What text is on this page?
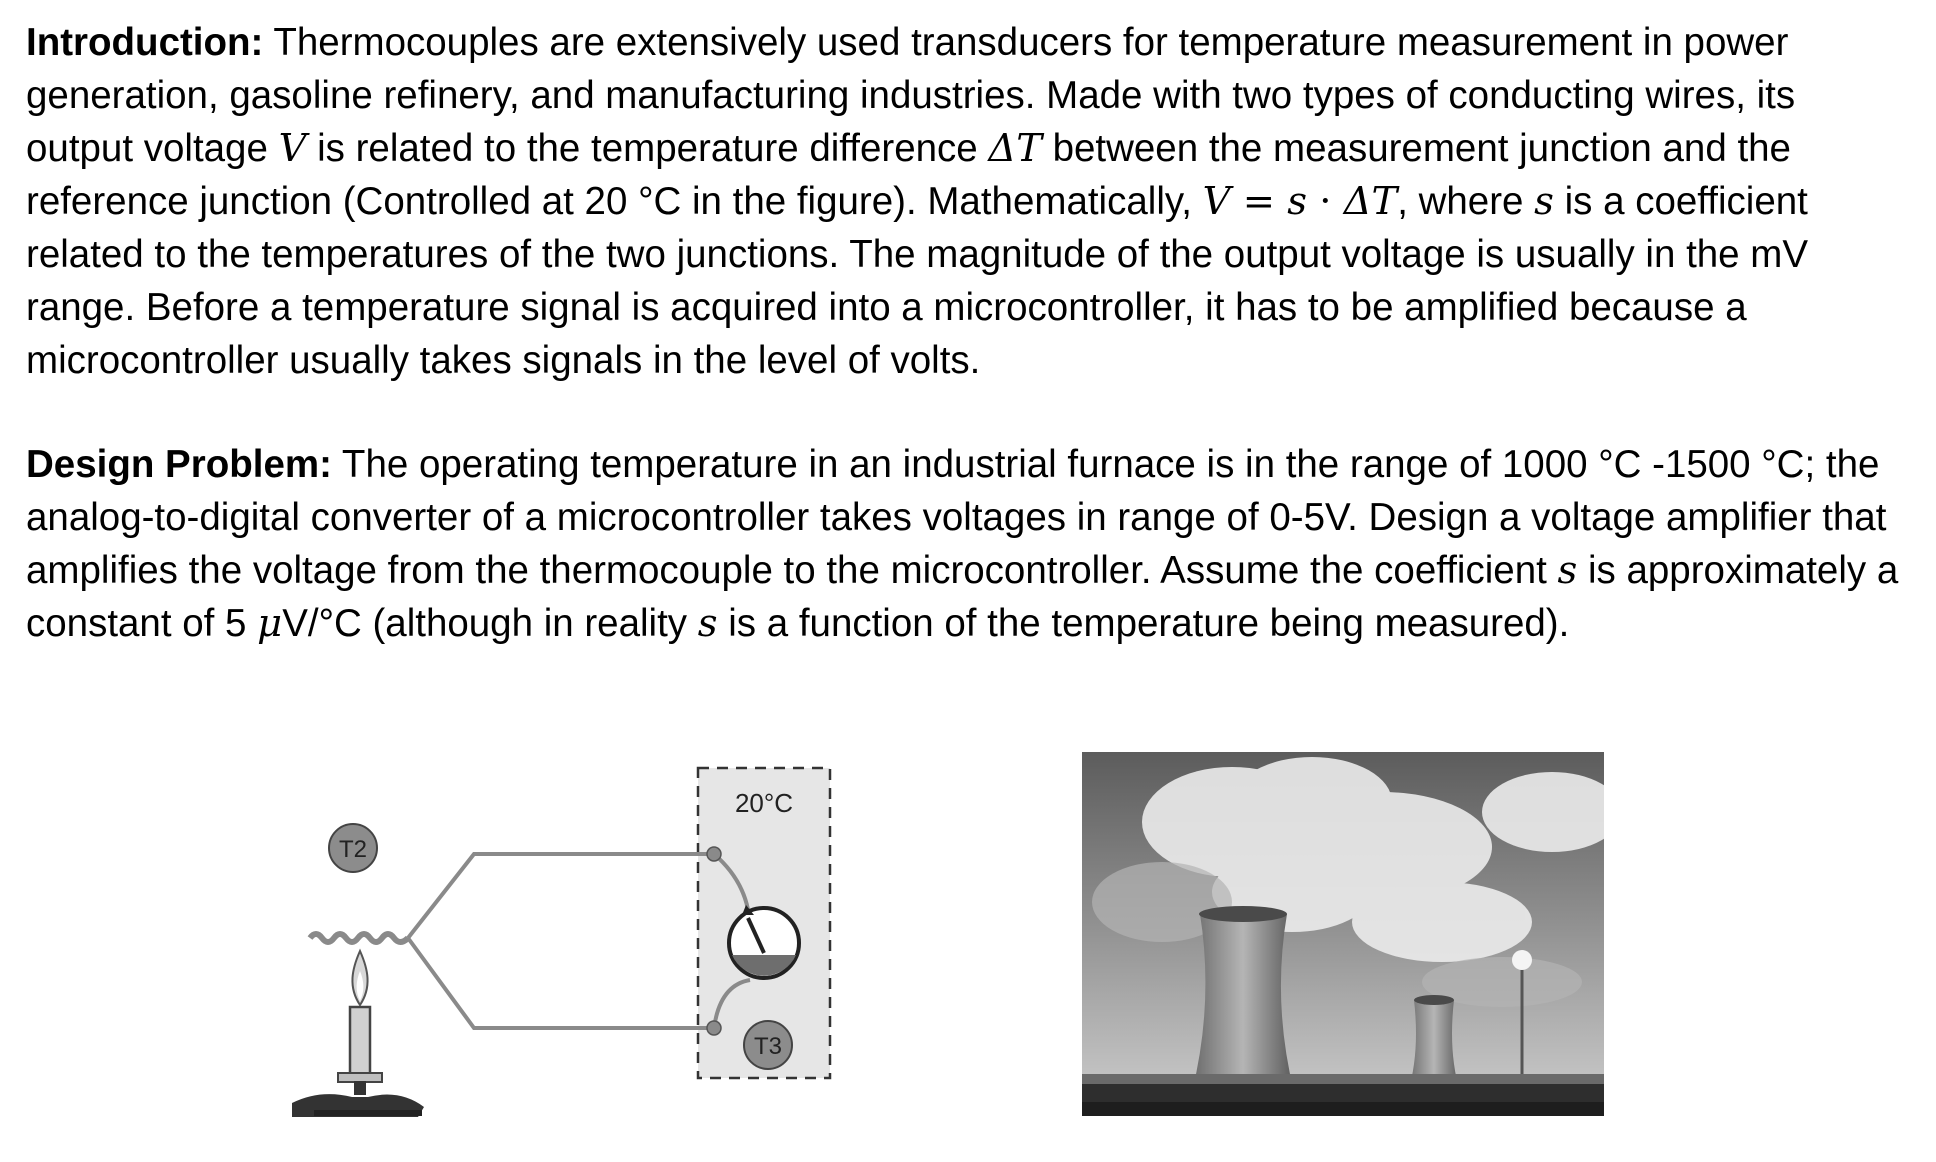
Introduction: Thermocouples are extensively used transducers for temperature measurement in power generation, gasoline refinery, and manufacturing industries. Made with two types of conducting wires, its output voltage V is related to the temperature difference ΔT between the measurement junction and the reference junction (Controlled at 20 °C in the figure). Mathematically, V = s · ΔT, where s is a coefficient related to the temperatures of the two junctions. The magnitude of the output voltage is usually in the mV range. Before a temperature signal is acquired into a microcontroller, it has to be amplified because a microcontroller usually takes signals in the level of volts.

Design Problem: The operating temperature in an industrial furnace is in the range of 1000 °C -1500 °C; the analog-to-digital converter of a microcontroller takes voltages in range of 0-5V. Design a voltage amplifier that amplifies the voltage from the thermocouple to the microcontroller. Assume the coefficient s is approximately a constant of 5 μV/°C (although in reality s is a function of the temperature being measured).

20°C
T2
T3
